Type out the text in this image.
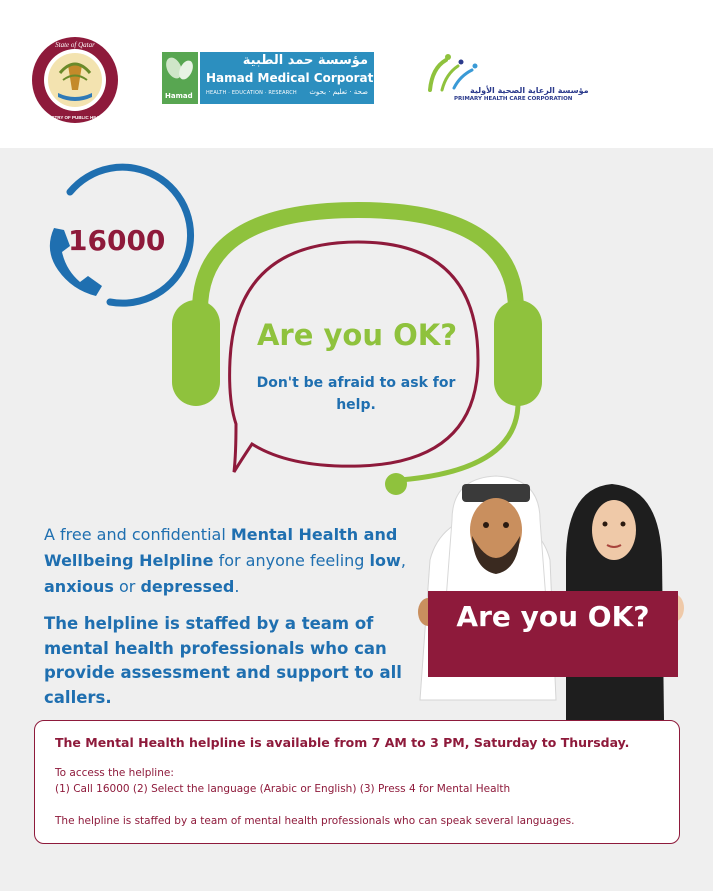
State of Qatar
MINISTRY OF PUBLIC HEALTH
Hamad
مؤسسة حمد الطبية
Hamad Medical Corporation
HEALTH · EDUCATION · RESEARCH صحة · تعليم · بحوث	مؤسسة الرعاية الصحية الأولية
PRIMARY HEALTH CARE CORPORATION
16000
Are you OK?
Don't be afraid to ask for help.
A free and confidential Mental Health and Wellbeing Helpline for anyone feeling low, anxious or depressed.
The helpline is staffed by a team of mental health professionals who can provide assessment and support to all callers.
Are you OK?
The Mental Health helpline is available from 7 AM to 3 PM, Saturday to Thursday.
To access the helpline:
(1) Call 16000 (2) Select the language (Arabic or English) (3) Press 4 for Mental Health
The helpline is staffed by a team of mental health professionals who can speak several languages.
